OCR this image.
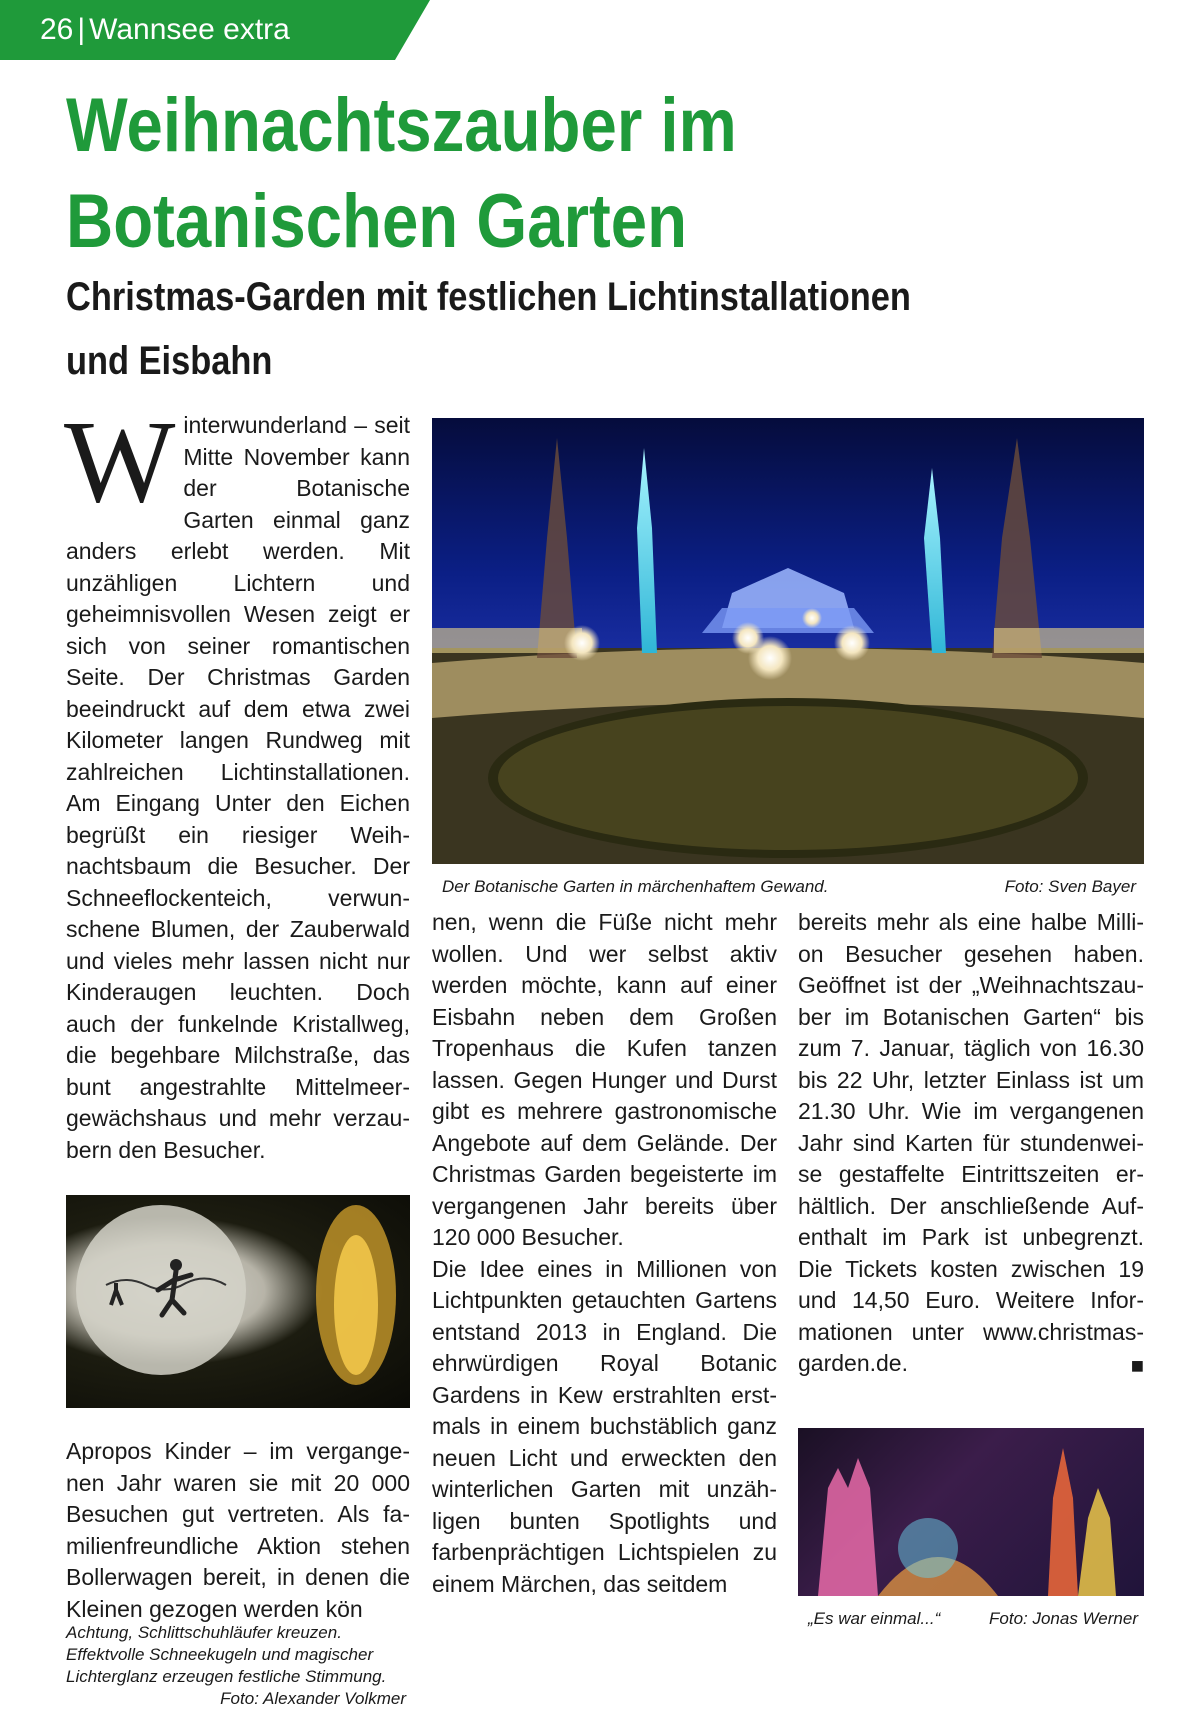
26 | Wannsee extra
Weihnachtszauber im
Botanischen Garten
Christmas-Garden mit festlichen Lichtinstallationen
und Eisbahn
W interwunderland – seit Mitte November kann der Botanische Garten einmal ganz anders erlebt werden. Mit unzähligen Lichtern und geheimnisvollen Wesen zeigt er sich von seiner romantischen Seite. Der Christmas Garden beeindruckt auf dem etwa zwei Kilometer langen Rundweg mit zahlreichen Lichtinstallationen. Am Eingang Unter den Eichen begrüßt ein riesiger Weihnachtsbaum die Besucher. Der Schneeflockenteich, verwunschene Blumen, der Zauberwald und vieles mehr lassen nicht nur Kinderaugen leuchten. Doch auch der funkelnde Kristallweg, die begehbare Milchstraße, das bunt angestrahlte Mittelmeergewächshaus und mehr verzaubern den Besucher.

Der Botanische Garten in märchenhaftem Gewand.	Foto: Sven Bayer
Achtung, Schlittschuhläufer kreuzen. Effektvolle Schneekugeln und magischer Lichterglanz erzeugen festliche Stimmung.
Foto: Alexander Volkmer

Apropos Kinder – im vergangenen Jahr waren sie mit 20 000 Besuchen gut vertreten. Als familienfreundliche Aktion stehen Bollerwagen bereit, in denen die Kleinen gezogen werden kön

nen, wenn die Füße nicht mehr wollen. Und wer selbst aktiv werden möchte, kann auf einer Eisbahn neben dem Großen Tropenhaus die Kufen tanzen lassen. Gegen Hunger und Durst gibt es mehrere gastronomische Angebote auf dem Gelände. Der Christmas Garden begeisterte im vergangenen Jahr bereits über 120 000 Besucher.

Die Idee eines in Millionen von Lichtpunkten getauchten Gartens entstand 2013 in England. Die ehrwürdigen Royal Botanic Gardens in Kew erstrahlten erstmals in einem buchstäblich ganz neuen Licht und erweckten den winterlichen Garten mit unzähligen bunten Spotlights und farbenprächtigen Lichtspielen zu einem Märchen, das seitdem

bereits mehr als eine halbe Million Besucher gesehen haben. Geöffnet ist der „Weihnachtszauber im Botanischen Garten“ bis zum 7. Januar, täglich von 16.30 bis 22 Uhr, letzter Einlass ist um 21.30 Uhr. Wie im vergangenen Jahr sind Karten für stundenweise gestaffelte Eintrittszeiten erhältlich. Der anschließende Aufenthalt im Park ist unbegrenzt. Die Tickets kosten zwischen 19 und 14,50 Euro. Weitere Informationen unter www.christmas-garden.de.	■

„Es war einmal...“	Foto: Jonas Werner
